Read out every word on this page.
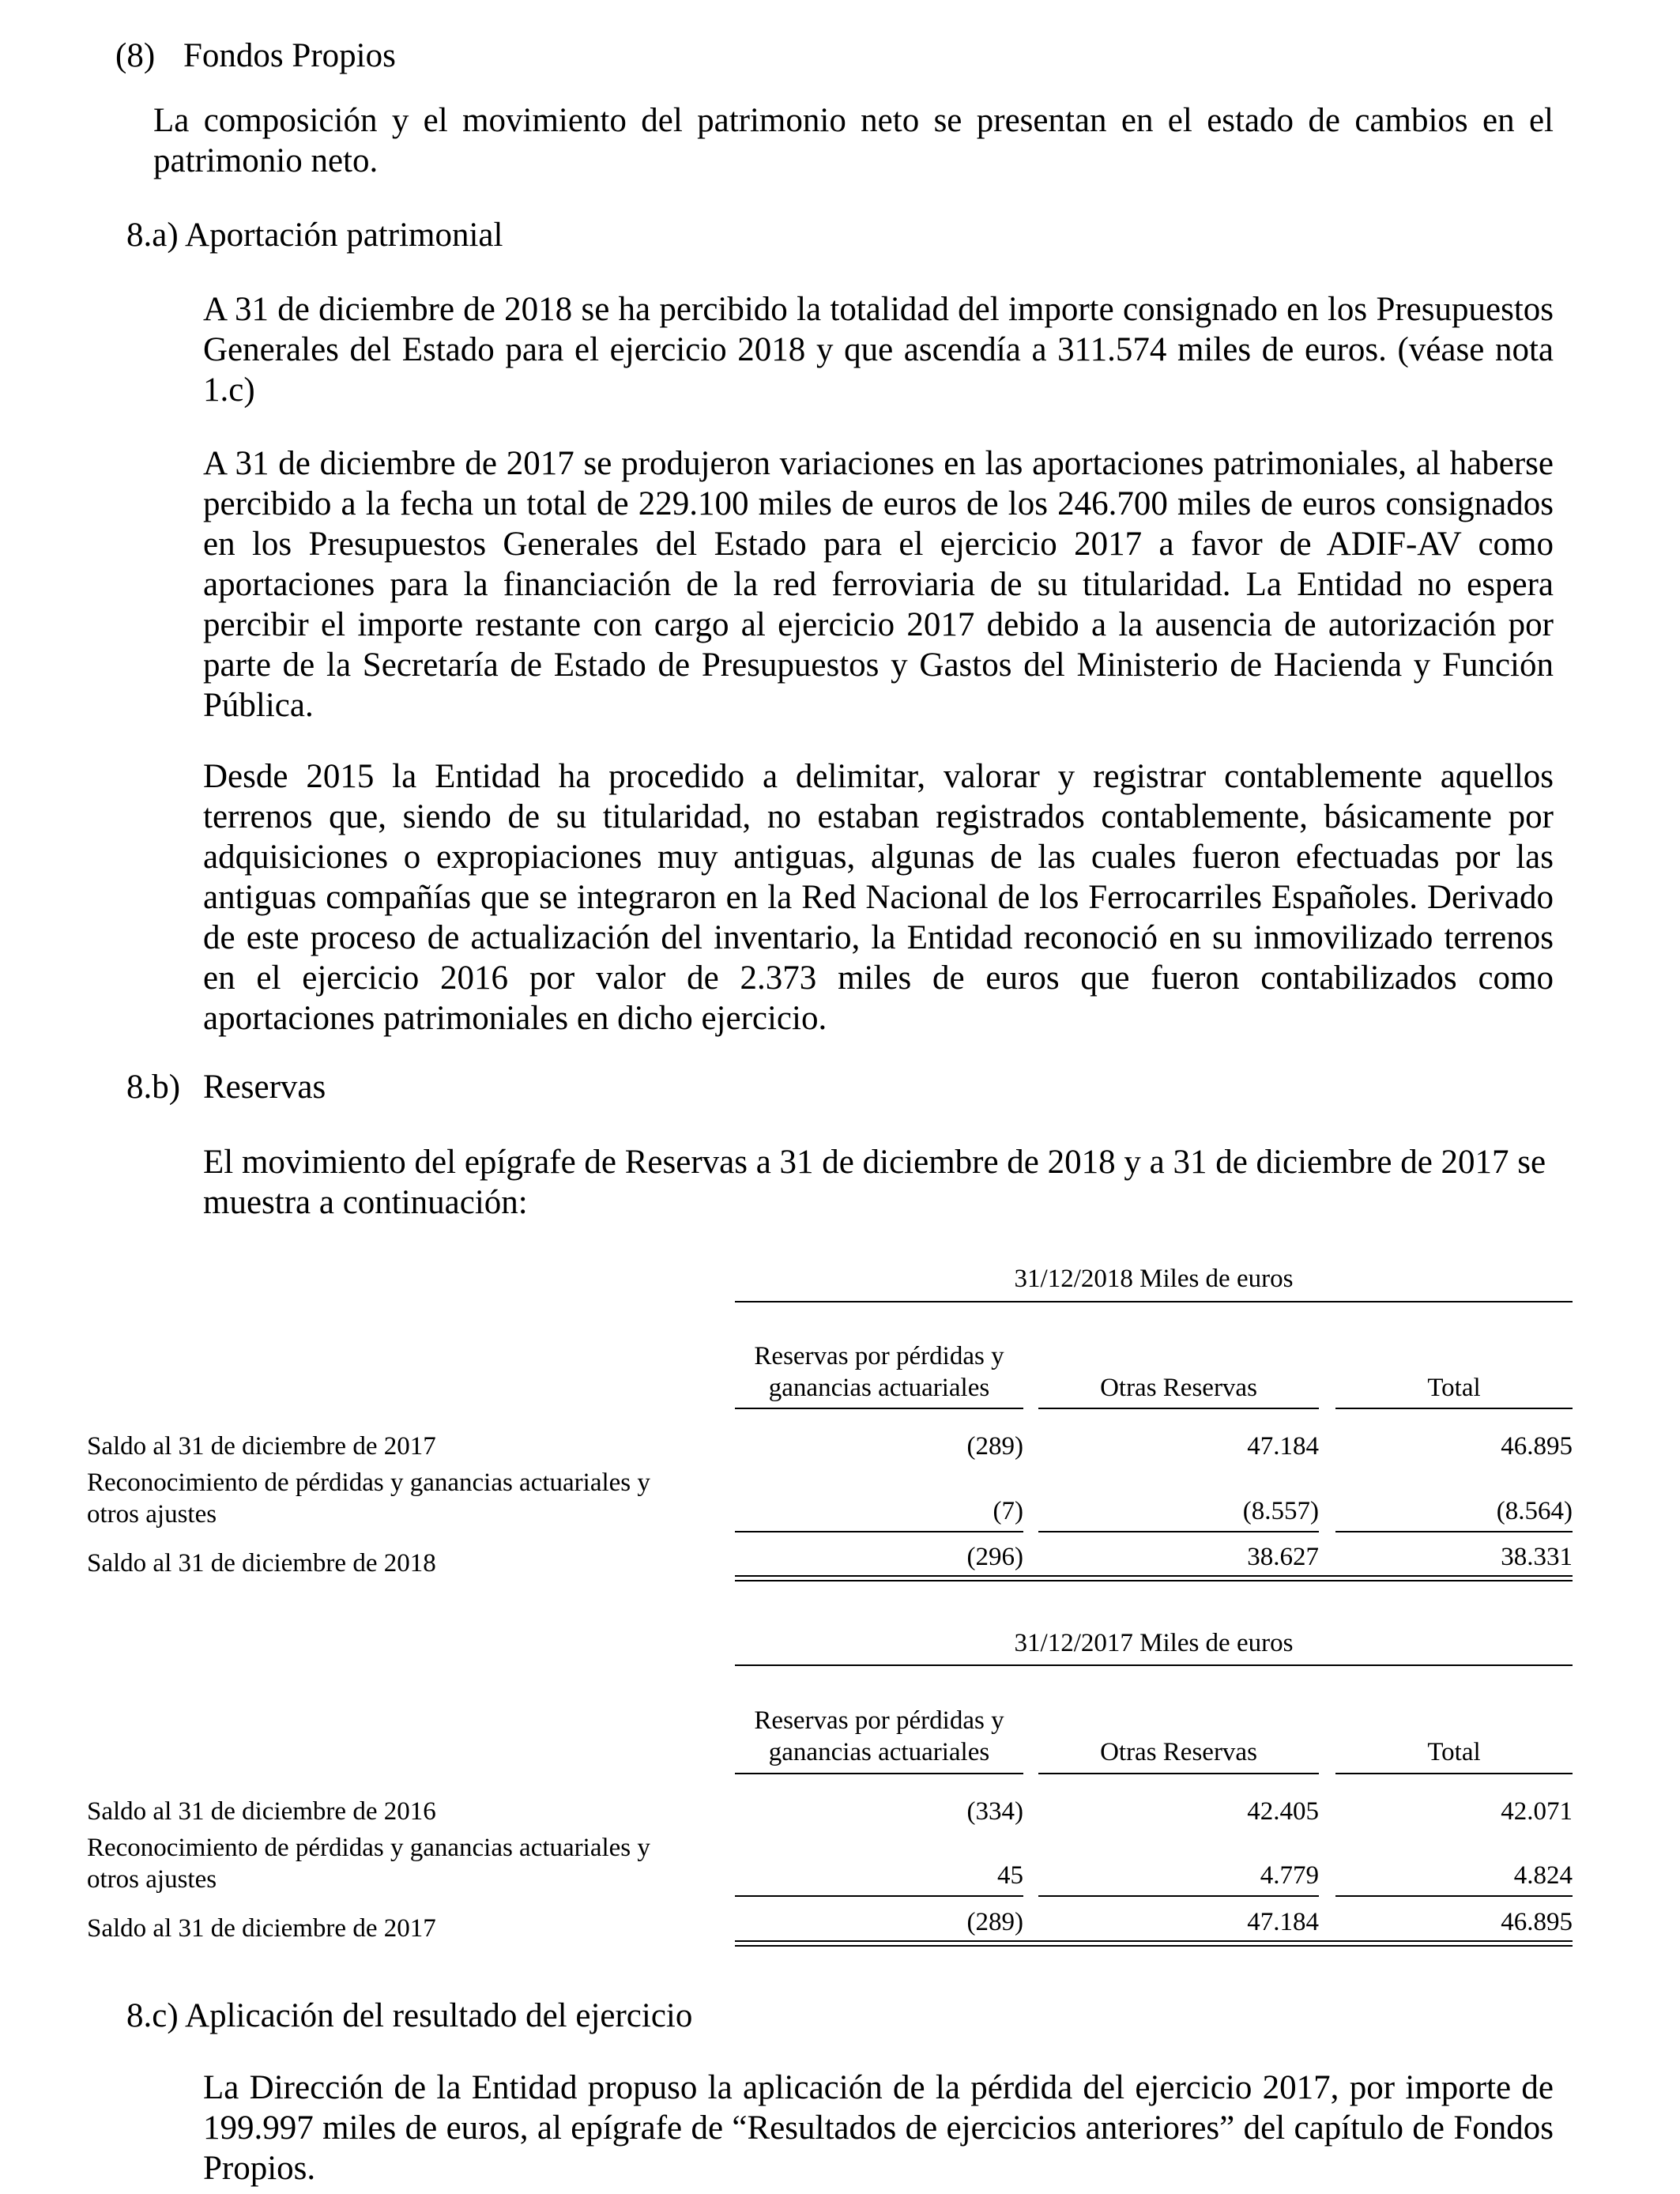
(8) Fondos Propios

La composición y el movimiento del patrimonio neto se presentan en el estado de cambios en el patrimonio neto.

8.a) Aportación patrimonial

A 31 de diciembre de 2018 se ha percibido la totalidad del importe consignado en los Presupuestos Generales del Estado para el ejercicio 2018 y que ascendía a 311.574 miles de euros. (véase nota 1.c)

A 31 de diciembre de 2017 se produjeron variaciones en las aportaciones patrimoniales, al haberse percibido a la fecha un total de 229.100 miles de euros de los 246.700 miles de euros consignados en los Presupuestos Generales del Estado para el ejercicio 2017 a favor de ADIF-AV como aportaciones para la financiación de la red ferroviaria de su titularidad. La Entidad no espera percibir el importe restante con cargo al ejercicio 2017 debido a la ausencia de autorización por parte de la Secretaría de Estado de Presupuestos y Gastos del Ministerio de Hacienda y Función Pública.

Desde 2015 la Entidad ha procedido a delimitar, valorar y registrar contablemente aquellos terrenos que, siendo de su titularidad, no estaban registrados contablemente, básicamente por adquisiciones o expropiaciones muy antiguas, algunas de las cuales fueron efectuadas por las antiguas compañías que se integraron en la Red Nacional de los Ferrocarriles Españoles. Derivado de este proceso de actualización del inventario, la Entidad reconoció en su inmovilizado terrenos en el ejercicio 2016 por valor de 2.373 miles de euros que fueron contabilizados como aportaciones patrimoniales en dicho ejercicio.

8.b) Reservas

El movimiento del epígrafe de Reservas a 31 de diciembre de 2018 y a 31 de diciembre de 2017 se muestra a continuación:

31/12/2018 Miles de euros
Reservas por pérdidas y
ganancias actuariales	Otras Reservas	Total
Saldo al 31 de diciembre de 2017	(289)	47.184	46.895
Reconocimiento de pérdidas y ganancias actuariales y
otros ajustes	(7)	(8.557)	(8.564)
Saldo al 31 de diciembre de 2018	(296)	38.627	38.331
31/12/2017 Miles de euros
Reservas por pérdidas y
ganancias actuariales	Otras Reservas	Total
Saldo al 31 de diciembre de 2016	(334)	42.405	42.071
Reconocimiento de pérdidas y ganancias actuariales y
otros ajustes	45	4.779	4.824
Saldo al 31 de diciembre de 2017	(289)	47.184	46.895
8.c) Aplicación del resultado del ejercicio

La Dirección de la Entidad propuso la aplicación de la pérdida del ejercicio 2017, por importe de 199.997 miles de euros, al epígrafe de “Resultados de ejercicios anteriores” del capítulo de Fondos Propios.
